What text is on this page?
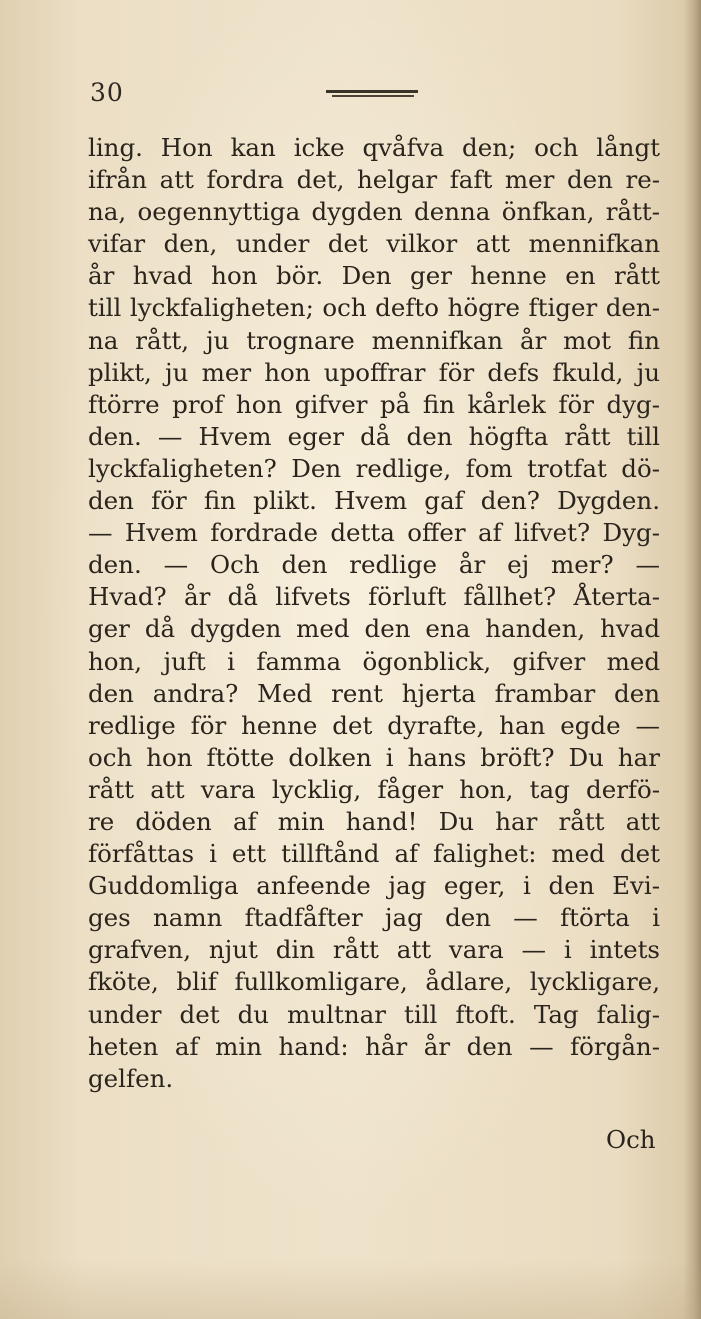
30
ling. Hon kan icke qvåfva den; och långt
ifrån att fordra det, helgar faft mer den re-
na, oegennyttiga dygden denna önfkan, rått-
vifar den, under det vilkor att mennifkan
år hvad hon bör. Den ger henne en rått
till lyckfaligheten; och defto högre ftiger den-
na rått, ju trognare mennifkan år mot fin
plikt, ju mer hon upoffrar för defs fkuld, ju
ftörre prof hon gifver på fin kårlek för dyg-
den. — Hvem eger då den högfta rått till
lyckfaligheten? Den redlige, fom trotfat dö-
den för fin plikt. Hvem gaf den? Dygden.
— Hvem fordrade detta offer af lifvet? Dyg-
den. — Och den redlige år ej mer? —
Hvad? år då lifvets förluft fållhet? Återta-
ger då dygden med den ena handen, hvad
hon, juft i famma ögonblick, gifver med
den andra? Med rent hjerta frambar den
redlige för henne det dyrafte, han egde —
och hon ftötte dolken i hans bröft? Du har
rått att vara lycklig, fåger hon, tag derfö-
re döden af min hand! Du har rått att
förfåttas i ett tillftånd af falighet: med det
Guddomliga anfeende jag eger, i den Evi-
ges namn ftadfåfter jag den — ftörta i
grafven, njut din rått att vara — i intets
fköte, blif fullkomligare, ådlare, lyckligare,
under det du multnar till ftoft. Tag falig-
heten af min hand: hår år den — förgån-
gelfen.
Och
